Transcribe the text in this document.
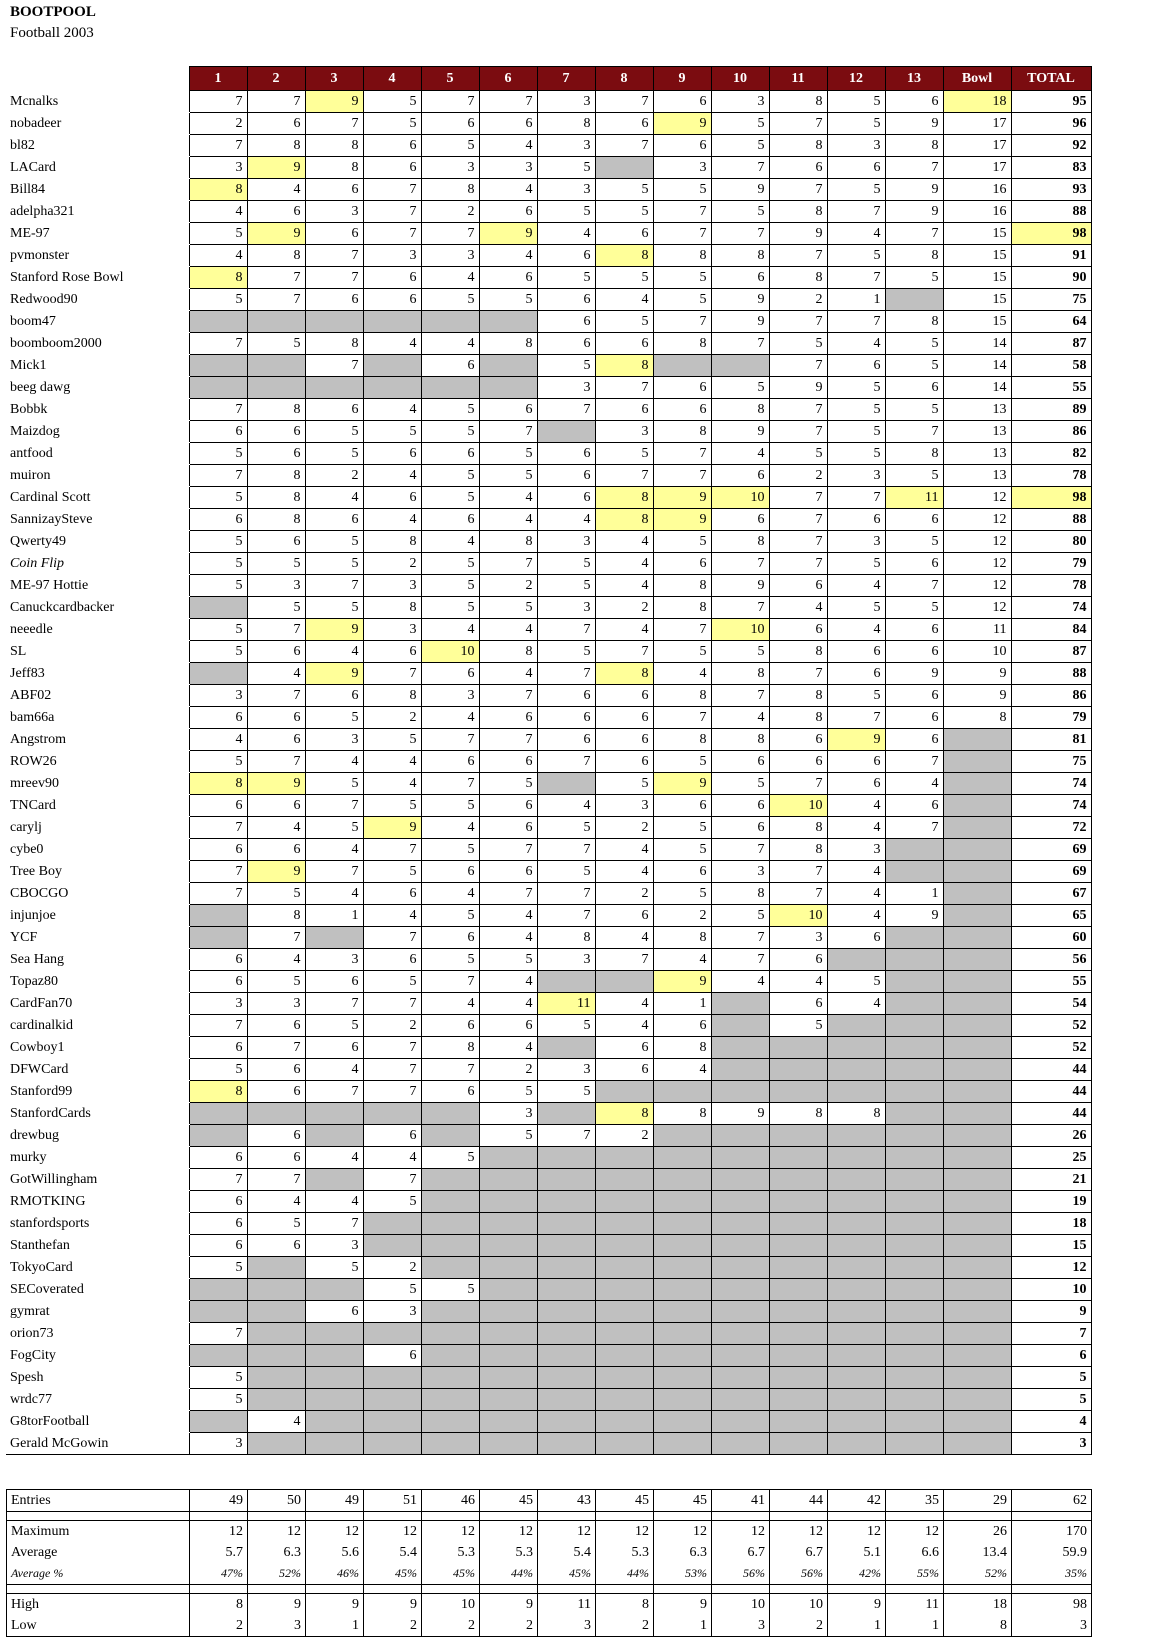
BOOTPOOL
Football 2003
	1	2	3	4	5	6	7	8	9	10	11	12	13	Bowl	TOTAL
Mcnalks	7	7	9	5	7	7	3	7	6	3	8	5	6	18	95
nobadeer	2	6	7	5	6	6	8	6	9	5	7	5	9	17	96
bl82	7	8	8	6	5	4	3	7	6	5	8	3	8	17	92
LACard	3	9	8	6	3	3	5		3	7	6	6	7	17	83
Bill84	8	4	6	7	8	4	3	5	5	9	7	5	9	16	93
adelpha321	4	6	3	7	2	6	5	5	7	5	8	7	9	16	88
ME-97	5	9	6	7	7	9	4	6	7	7	9	4	7	15	98
pvmonster	4	8	7	3	3	4	6	8	8	8	7	5	8	15	91
Stanford Rose Bowl	8	7	7	6	4	6	5	5	5	6	8	7	5	15	90
Redwood90	5	7	6	6	5	5	6	4	5	9	2	1		15	75
boom47							6	5	7	9	7	7	8	15	64
boomboom2000	7	5	8	4	4	8	6	6	8	7	5	4	5	14	87
Mick1			7		6		5	8			7	6	5	14	58
beeg dawg							3	7	6	5	9	5	6	14	55
Bobbk	7	8	6	4	5	6	7	6	6	8	7	5	5	13	89
Maizdog	6	6	5	5	5	7		3	8	9	7	5	7	13	86
antfood	5	6	5	6	6	5	6	5	7	4	5	5	8	13	82
muiron	7	8	2	4	5	5	6	7	7	6	2	3	5	13	78
Cardinal Scott	5	8	4	6	5	4	6	8	9	10	7	7	11	12	98
SannizaySteve	6	8	6	4	6	4	4	8	9	6	7	6	6	12	88
Qwerty49	5	6	5	8	4	8	3	4	5	8	7	3	5	12	80
Coin Flip	5	5	5	2	5	7	5	4	6	7	7	5	6	12	79
ME-97 Hottie	5	3	7	3	5	2	5	4	8	9	6	4	7	12	78
Canuckcardbacker		5	5	8	5	5	3	2	8	7	4	5	5	12	74
neeedle	5	7	9	3	4	4	7	4	7	10	6	4	6	11	84
SL	5	6	4	6	10	8	5	7	5	5	8	6	6	10	87
Jeff83		4	9	7	6	4	7	8	4	8	7	6	9	9	88
ABF02	3	7	6	8	3	7	6	6	8	7	8	5	6	9	86
bam66a	6	6	5	2	4	6	6	6	7	4	8	7	6	8	79
Angstrom	4	6	3	5	7	7	6	6	8	8	6	9	6		81
ROW26	5	7	4	4	6	6	7	6	5	6	6	6	7		75
mreev90	8	9	5	4	7	5		5	9	5	7	6	4		74
TNCard	6	6	7	5	5	6	4	3	6	6	10	4	6		74
carylj	7	4	5	9	4	6	5	2	5	6	8	4	7		72
cybe0	6	6	4	7	5	7	7	4	5	7	8	3			69
Tree Boy	7	9	7	5	6	6	5	4	6	3	7	4			69
CBOCGO	7	5	4	6	4	7	7	2	5	8	7	4	1		67
injunjoe		8	1	4	5	4	7	6	2	5	10	4	9		65
YCF		7		7	6	4	8	4	8	7	3	6			60
Sea Hang	6	4	3	6	5	5	3	7	4	7	6				56
Topaz80	6	5	6	5	7	4			9	4	4	5			55
CardFan70	3	3	7	7	4	4	11	4	1		6	4			54
cardinalkid	7	6	5	2	6	6	5	4	6		5				52
Cowboy1	6	7	6	7	8	4		6	8						52
DFWCard	5	6	4	7	7	2	3	6	4						44
Stanford99	8	6	7	7	6	5	5								44
StanfordCards						3		8	8	9	8	8			44
drewbug		6		6		5	7	2							26
murky	6	6	4	4	5										25
GotWillingham	7	7		7											21
RMOTKING	6	4	4	5											19
stanfordsports	6	5	7												18
Stanthefan	6	6	3												15
TokyoCard	5		5	2											12
SECoverated				5	5										10
gymrat			6	3											9
orion73	7														7
FogCity				6											6
Spesh	5														5
wrdc77	5														5
G8torFootball		4													4
Gerald McGowin	3														3
Entries	49	50	49	51	46	45	43	45	45	41	44	42	35	29	62

Maximum	12	12	12	12	12	12	12	12	12	12	12	12	12	26	170
Average	5.7	6.3	5.6	5.4	5.3	5.3	5.4	5.3	6.3	6.7	6.7	5.1	6.6	13.4	59.9
Average %	47%	52%	46%	45%	45%	44%	45%	44%	53%	56%	56%	42%	55%	52%	35%

High	8	9	9	9	10	9	11	8	9	10	10	9	11	18	98
Low	2	3	1	2	2	2	3	2	1	3	2	1	1	8	3
